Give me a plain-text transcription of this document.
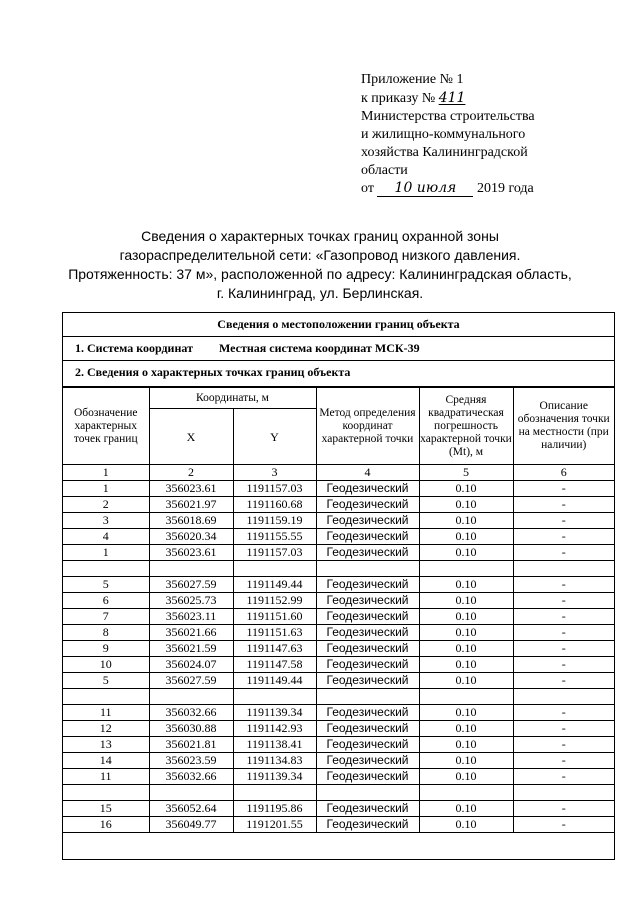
Приложение № 1
к приказу № 411
Министерства строительства
и жилищно-коммунального
хозяйства Калининградской
области
от 10 июля 2019 года
Сведения о характерных точках границ охранной зоны
газораспределительной сети: «Газопровод низкого давления.
Протяженность: 37 м», расположенной по адресу: Калининградская область,
г. Калининград, ул. Берлинская.
Сведения о местоположении границ объекта
1. Система координат Местная система координат МСК-39
2. Сведения о характерных точках границ объекта
Обозначение характерных точек границ	Координаты, м		Метод определения координат характерной точки	Средняя квадратическая погрешность характерной точки (Mt), м	Описание обозначения точки на местности (при наличии)
	X	Y			
1	2	3	4	5	6
1	356023.61	1191157.03	Геодезический	0.10	-
2	356021.97	1191160.68	Геодезический	0.10	-
3	356018.69	1191159.19	Геодезический	0.10	-
4	356020.34	1191155.55	Геодезический	0.10	-
1	356023.61	1191157.03	Геодезический	0.10	-

5	356027.59	1191149.44	Геодезический	0.10	-
6	356025.73	1191152.99	Геодезический	0.10	-
7	356023.11	1191151.60	Геодезический	0.10	-
8	356021.66	1191151.63	Геодезический	0.10	-
9	356021.59	1191147.63	Геодезический	0.10	-
10	356024.07	1191147.58	Геодезический	0.10	-
5	356027.59	1191149.44	Геодезический	0.10	-

11	356032.66	1191139.34	Геодезический	0.10	-
12	356030.88	1191142.93	Геодезический	0.10	-
13	356021.81	1191138.41	Геодезический	0.10	-
14	356023.59	1191134.83	Геодезический	0.10	-
11	356032.66	1191139.34	Геодезический	0.10	-

15	356052.64	1191195.86	Геодезический	0.10	-
16	356049.77	1191201.55	Геодезический	0.10	-
